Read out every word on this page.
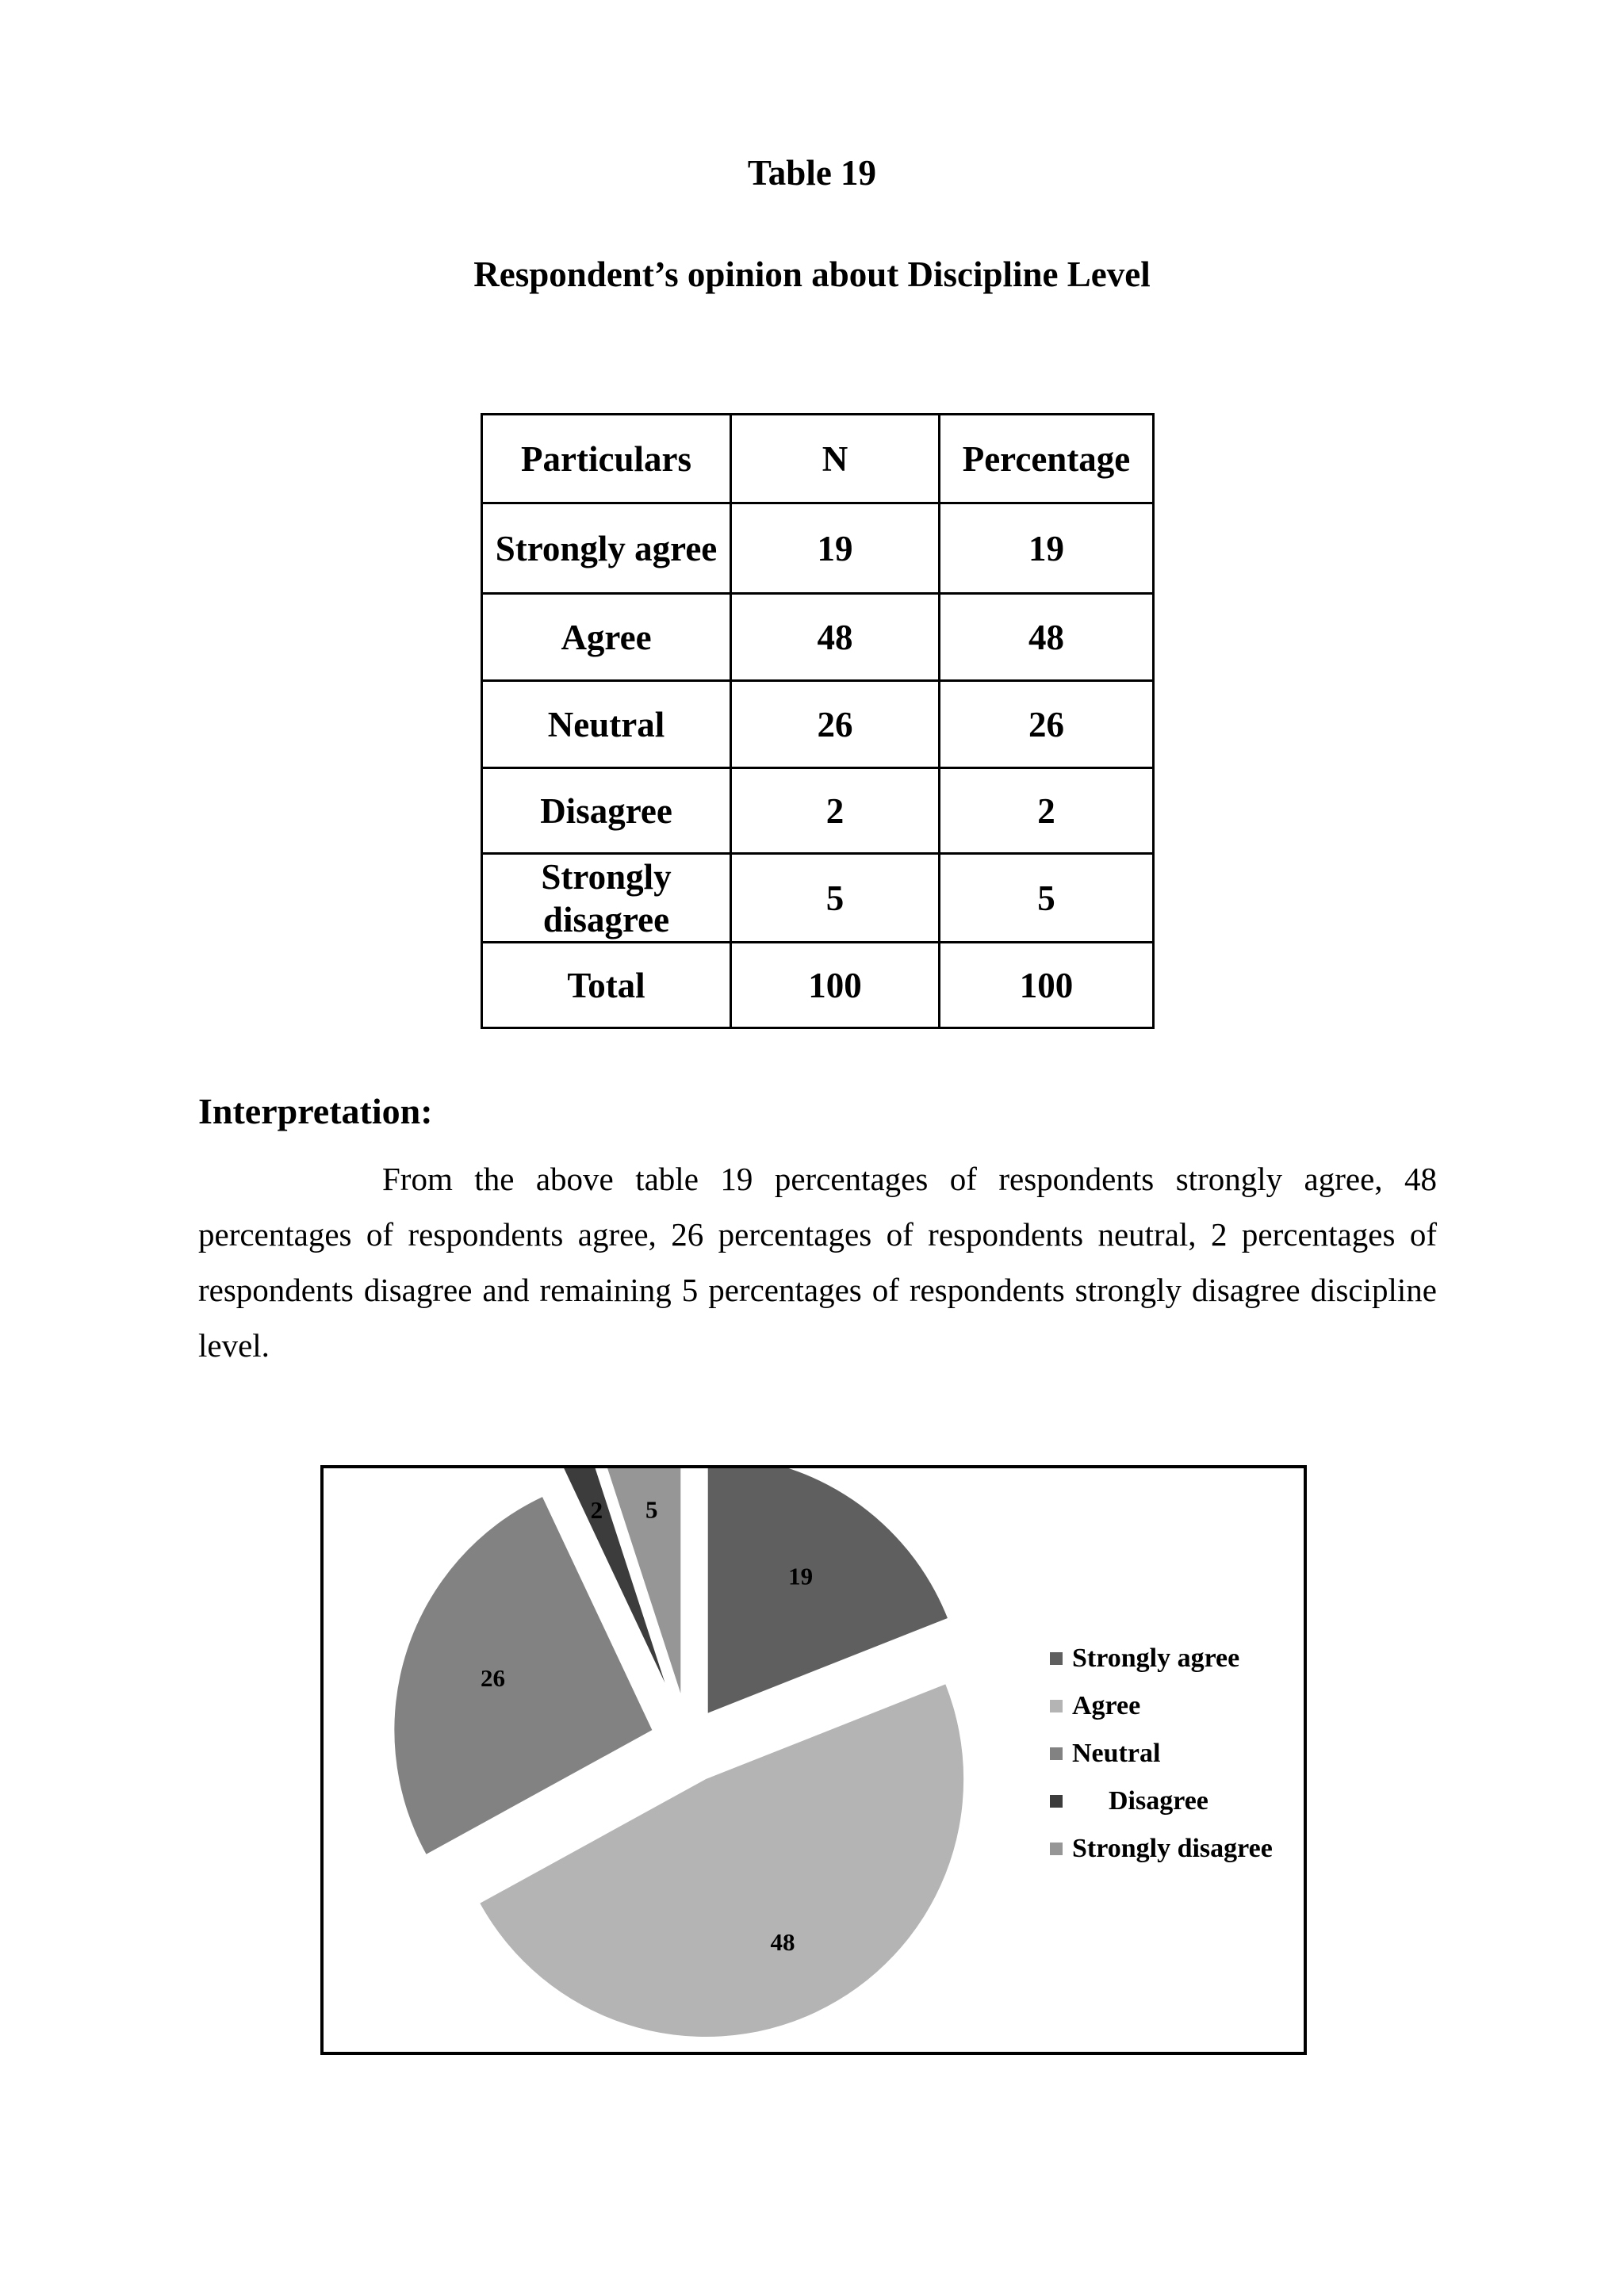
Table 19
Respondent’s opinion about Discipline Level
Particulars	N	Percentage
Strongly agree	19	19
Agree	48	48
Neutral	26	26
Disagree	2	2
Strongly disagree	5	5
Total	100	100
Interpretation:

From the above table 19 percentages of respondents strongly agree, 48 percentages of respondents agree, 26 percentages of respondents neutral, 2 percentages of respondents disagree and remaining 5 percentages of respondents strongly disagree discipline level.

19
48
26
2 5
Strongly agree
Agree
Neutral
Disagree
Strongly disagree
